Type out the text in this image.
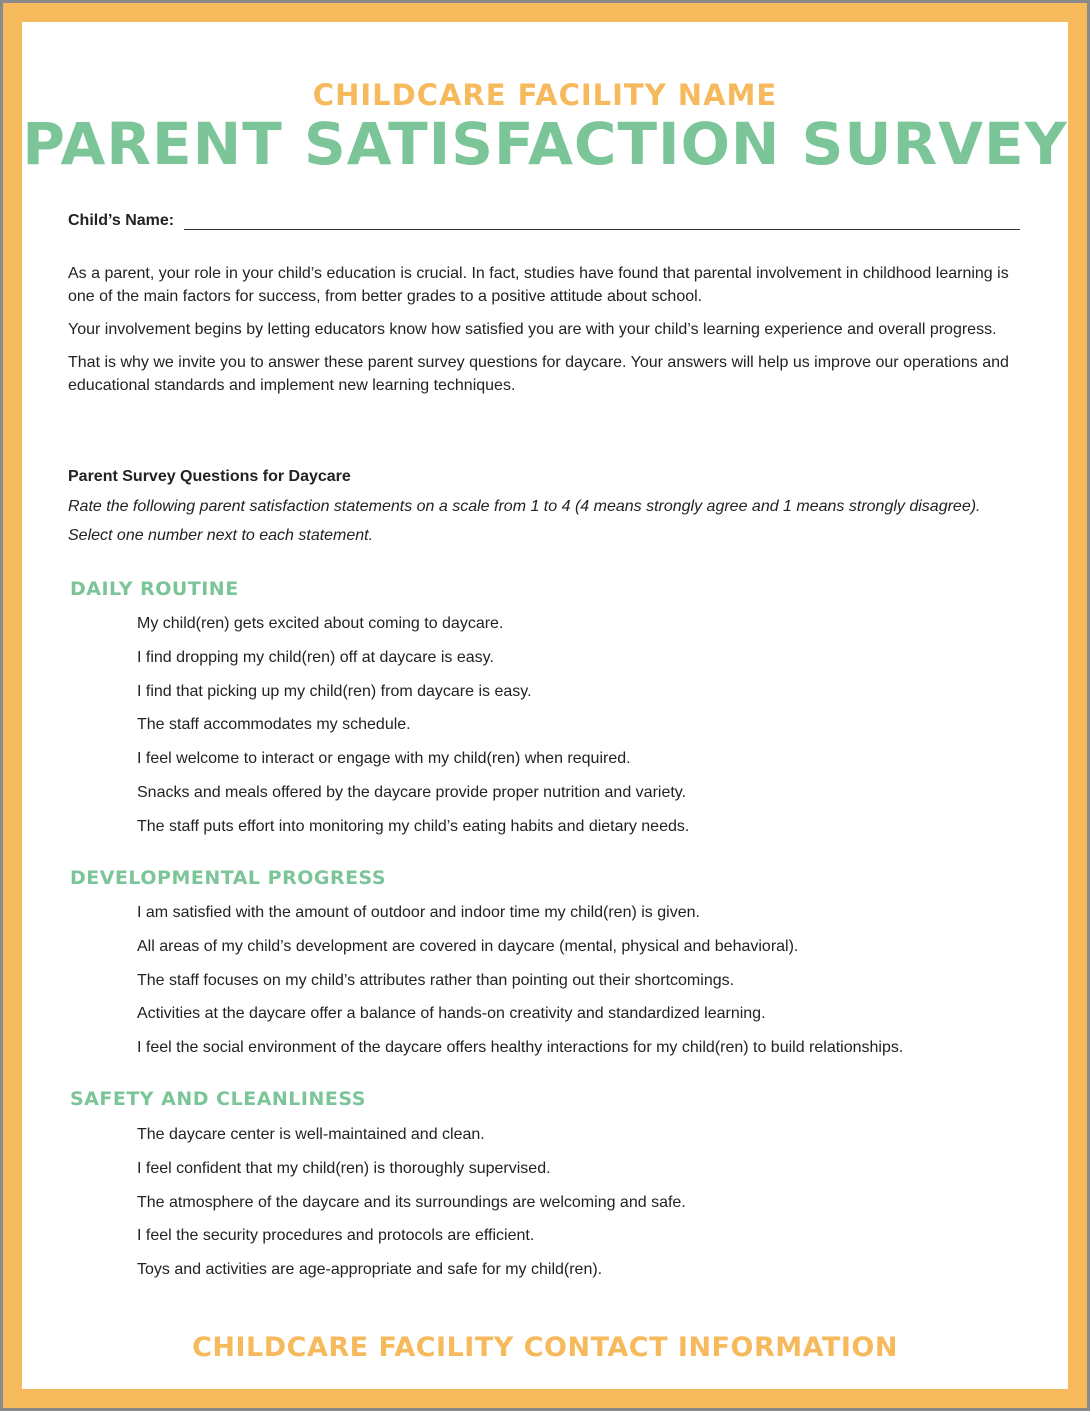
CHILDCARE FACILITY NAME
PARENT SATISFACTION SURVEY
Child’s Name:

As a parent, your role in your child’s education is crucial. In fact, studies have found that parental involvement in childhood learning is one of the main factors for success, from better grades to a positive attitude about school.

Your involvement begins by letting educators know how satisfied you are with your child’s learning experience and overall progress.

That is why we invite you to answer these parent survey questions for daycare. Your answers will help us improve our operations and educational standards and implement new learning techniques.

Parent Survey Questions for Daycare
Rate the following parent satisfaction statements on a scale from 1 to 4 (4 means strongly agree and 1 means strongly disagree). Select one number next to each statement.
DAILY ROUTINE
My child(ren) gets excited about coming to daycare.
I find dropping my child(ren) off at daycare is easy.
I find that picking up my child(ren) from daycare is easy.
The staff accommodates my schedule.
I feel welcome to interact or engage with my child(ren) when required.
Snacks and meals offered by the daycare provide proper nutrition and variety.
The staff puts effort into monitoring my child’s eating habits and dietary needs.
DEVELOPMENTAL PROGRESS
I am satisfied with the amount of outdoor and indoor time my child(ren) is given.
All areas of my child’s development are covered in daycare (mental, physical and behavioral).
The staff focuses on my child’s attributes rather than pointing out their shortcomings.
Activities at the daycare offer a balance of hands-on creativity and standardized learning.
I feel the social environment of the daycare offers healthy interactions for my child(ren) to build relationships.
SAFETY AND CLEANLINESS
The daycare center is well-maintained and clean.
I feel confident that my child(ren) is thoroughly supervised.
The atmosphere of the daycare and its surroundings are welcoming and safe.
I feel the security procedures and protocols are efficient.
Toys and activities are age-appropriate and safe for my child(ren).
CHILDCARE FACILITY CONTACT INFORMATION
